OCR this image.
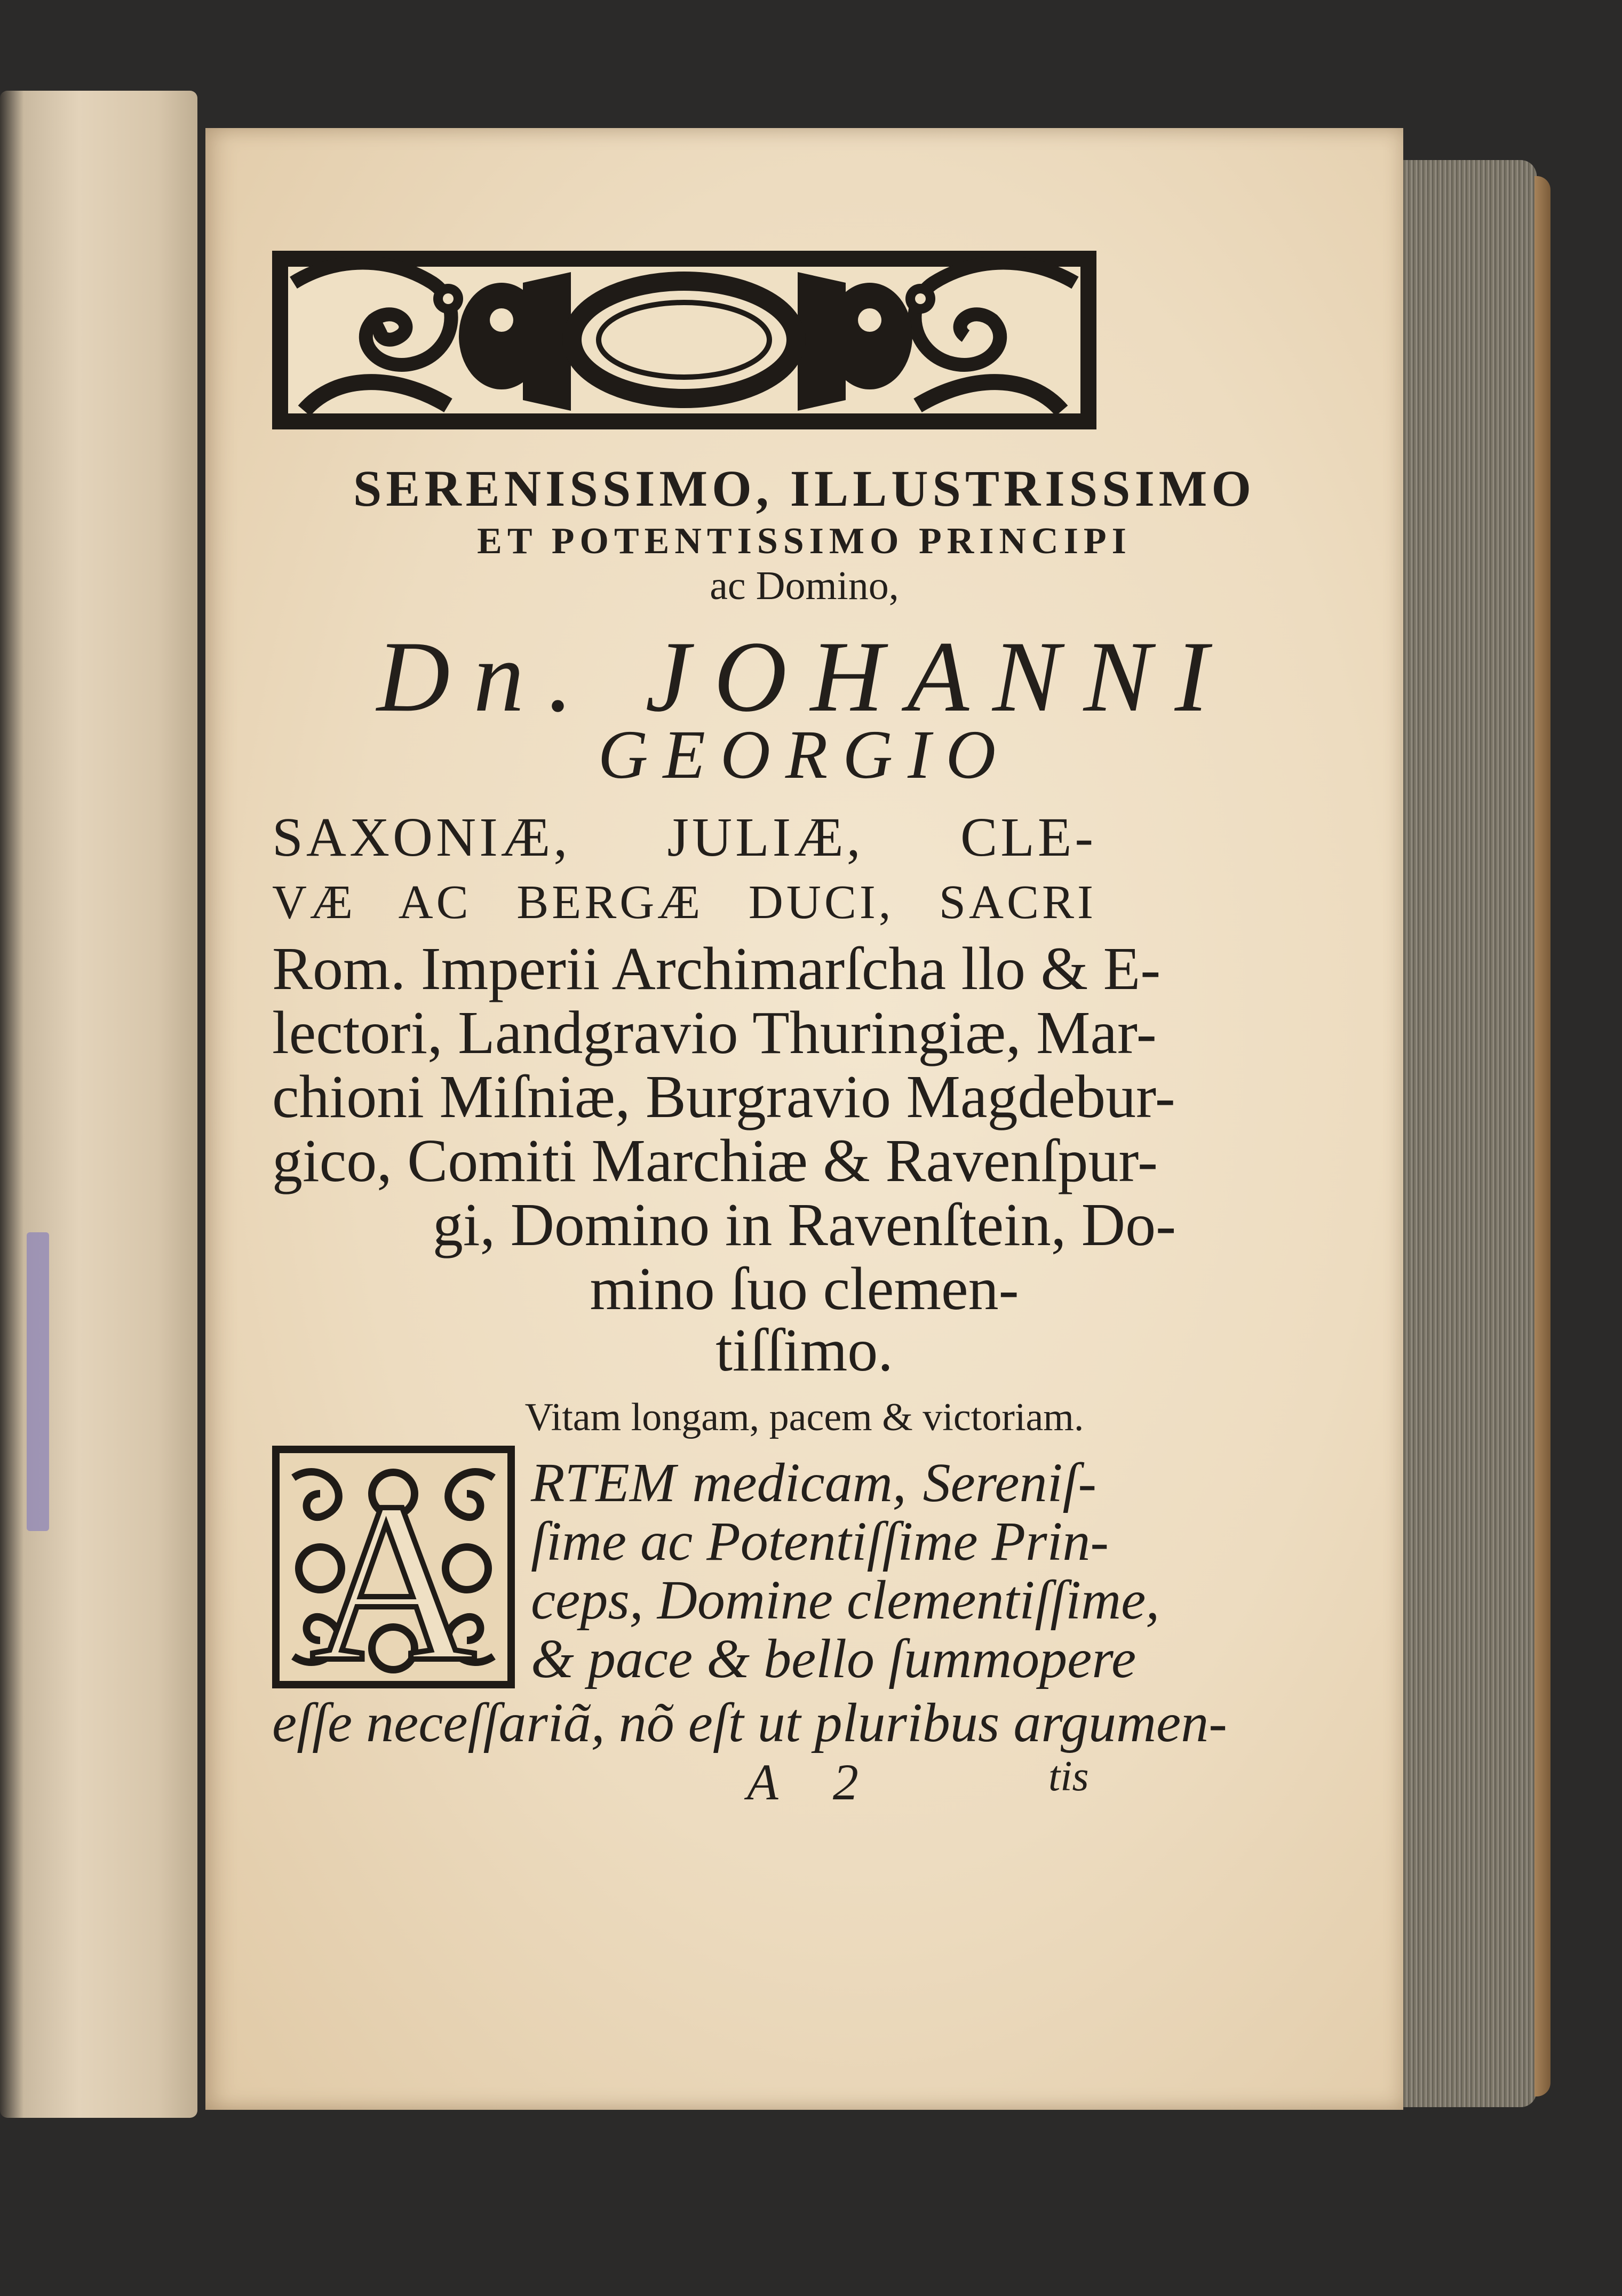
SERENISSIMO, ILLUSTRISSIMO
ET POTENTISSIMO PRINCIPI
ac Domino,
Dn. JOHANNI
GEORGIO
SAXONIÆ, JULIÆ, CLE-
VÆ AC BERGÆ DUCI, SACRI
Rom. Imperii Archimarſcha llo & E-
lectori, Landgravio Thuringiæ, Mar-
chioni Miſniæ, Burgravio Magdebur-
gico, Comiti Marchiæ & Ravenſpur-
gi, Domino in Ravenſtein, Do-
mino ſuo clemen-
tiſſimo.
Vitam longam, pacem & victoriam.
A RTEM medicam, Sereniſ-
ſime ac Potentiſſime Prin-
ceps, Domine clementiſſime,
& pace & bello ſummopere
eſſe neceſſariã, nõ eſt ut pluribus argumen-
A 2	tis
